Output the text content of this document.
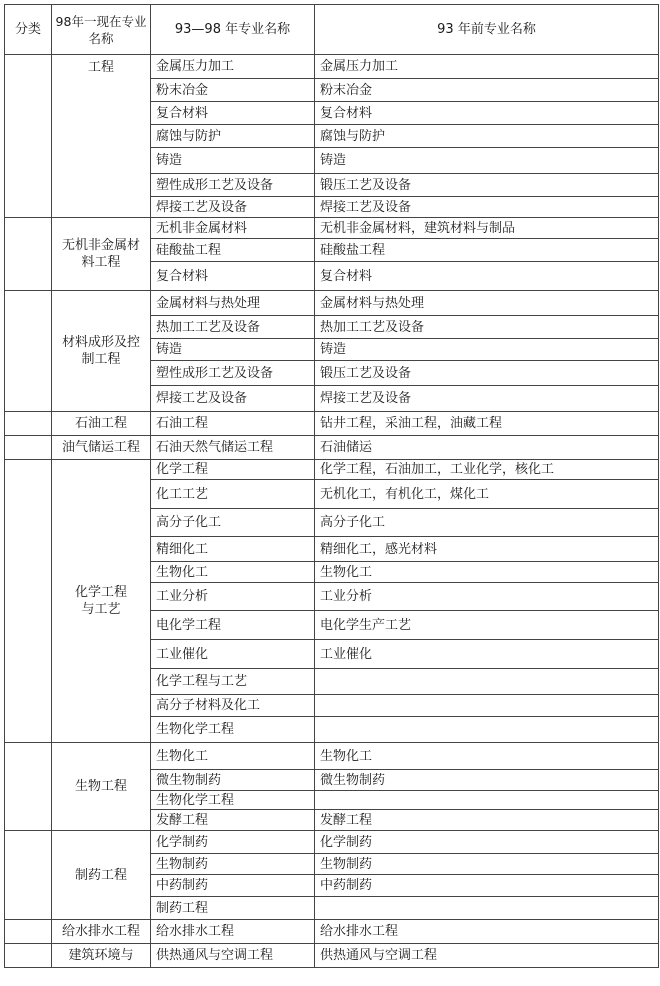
分类	98年一现在专业名称	93—98 年专业名称	93 年前专业名称
	工程	金属压力加工	金属压力加工
		粉末冶金	粉末冶金
		复合材料	复合材料
		腐蚀与防护	腐蚀与防护
		铸造	铸造
		塑性成形工艺及设备	锻压工艺及设备
		焊接工艺及设备	焊接工艺及设备
	无机非金属材料工程	无机非金属材料	无机非金属材料，建筑材料与制品
		硅酸盐工程	硅酸盐工程
		复合材料	复合材料
	材料成形及控制工程	金属材料与热处理	金属材料与热处理
		热加工工艺及设备	热加工工艺及设备
		铸造	铸造
		塑性成形工艺及设备	锻压工艺及设备
		焊接工艺及设备	焊接工艺及设备
	石油工程	石油工程	钻井工程，采油工程，油藏工程
	油气储运工程	石油天然气储运工程	石油储运
	化学工程与工艺	化学工程	化学工程，石油加工，工业化学，核化工
		化工工艺	无机化工，有机化工，煤化工
		高分子化工	高分子化工
		精细化工	精细化工，感光材料
		生物化工	生物化工
		工业分析	工业分析
		电化学工程	电化学生产工艺
		工业催化	工业催化
		化学工程与工艺	
		高分子材料及化工	
		生物化学工程	
	生物工程	生物化工	生物化工
		微生物制药	微生物制药
		生物化学工程	
		发酵工程	发酵工程
	制药工程	化学制药	化学制药
		生物制药	生物制药
		中药制药	中药制药
		制药工程	
	给水排水工程	给水排水工程	给水排水工程
	建筑环境与	供热通风与空调工程	供热通风与空调工程
